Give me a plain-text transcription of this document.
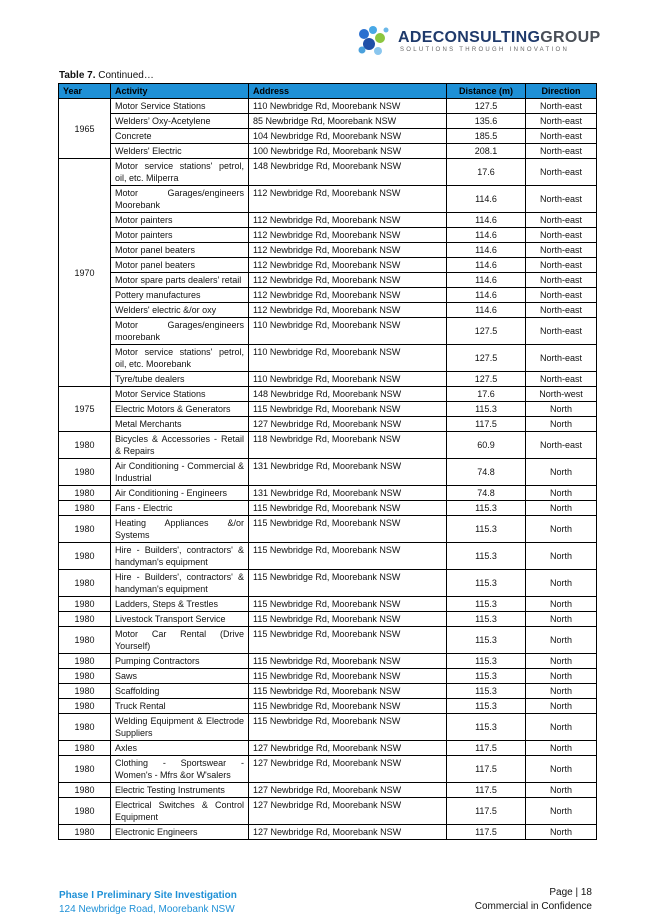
ADECONSULTINGGROUP
SOLUTIONS THROUGH INNOVATION
Table 7. Continued…
Year	Activity	Address	Distance (m)	Direction
1965	Motor Service Stations	110 Newbridge Rd, Moorebank NSW	127.5	North-east
	Welders’ Oxy-Acetylene	85 Newbridge Rd, Moorebank NSW	135.6	North-east
	Concrete	104 Newbridge Rd, Moorebank NSW	185.5	North-east
	Welders' Electric	100 Newbridge Rd, Moorebank NSW	208.1	North-east
1970	Motor service stations' petrol, oil, etc. Milperra	148 Newbridge Rd, Moorebank NSW	17.6	North-east
	Motor Garages/engineers Moorebank	112 Newbridge Rd, Moorebank NSW	114.6	North-east
	Motor painters	112 Newbridge Rd, Moorebank NSW	114.6	North-east
	Motor painters	112 Newbridge Rd, Moorebank NSW	114.6	North-east
	Motor panel beaters	112 Newbridge Rd, Moorebank NSW	114.6	North-east
	Motor panel beaters	112 Newbridge Rd, Moorebank NSW	114.6	North-east
	Motor spare parts dealers’ retail	112 Newbridge Rd, Moorebank NSW	114.6	North-east
	Pottery manufactures	112 Newbridge Rd, Moorebank NSW	114.6	North-east
	Welders' electric &/or oxy	112 Newbridge Rd, Moorebank NSW	114.6	North-east
	Motor Garages/engineers moorebank	110 Newbridge Rd, Moorebank NSW	127.5	North-east
	Motor service stations' petrol, oil, etc. Moorebank	110 Newbridge Rd, Moorebank NSW	127.5	North-east
	Tyre/tube dealers	110 Newbridge Rd, Moorebank NSW	127.5	North-east
1975	Motor Service Stations	148 Newbridge Rd, Moorebank NSW	17.6	North-west
	Electric Motors & Generators	115 Newbridge Rd, Moorebank NSW	115.3	North
	Metal Merchants	127 Newbridge Rd, Moorebank NSW	117.5	North
1980	Bicycles & Accessories - Retail & Repairs	118 Newbridge Rd, Moorebank NSW	60.9	North-east
1980	Air Conditioning - Commercial & Industrial	131 Newbridge Rd, Moorebank NSW	74.8	North
1980	Air Conditioning - Engineers	131 Newbridge Rd, Moorebank NSW	74.8	North
1980	Fans - Electric	115 Newbridge Rd, Moorebank NSW	115.3	North
1980	Heating Appliances &/or Systems	115 Newbridge Rd, Moorebank NSW	115.3	North
1980	Hire - Builders', contractors' & handyman's equipment	115 Newbridge Rd, Moorebank NSW	115.3	North
1980	Hire - Builders', contractors' & handyman's equipment	115 Newbridge Rd, Moorebank NSW	115.3	North
1980	Ladders, Steps & Trestles	115 Newbridge Rd, Moorebank NSW	115.3	North
1980	Livestock Transport Service	115 Newbridge Rd, Moorebank NSW	115.3	North
1980	Motor Car Rental (Drive Yourself)	115 Newbridge Rd, Moorebank NSW	115.3	North
1980	Pumping Contractors	115 Newbridge Rd, Moorebank NSW	115.3	North
1980	Saws	115 Newbridge Rd, Moorebank NSW	115.3	North
1980	Scaffolding	115 Newbridge Rd, Moorebank NSW	115.3	North
1980	Truck Rental	115 Newbridge Rd, Moorebank NSW	115.3	North
1980	Welding Equipment & Electrode Suppliers	115 Newbridge Rd, Moorebank NSW	115.3	North
1980	Axles	127 Newbridge Rd, Moorebank NSW	117.5	North
1980	Clothing - Sportswear - Women's - Mfrs &or W'salers	127 Newbridge Rd, Moorebank NSW	117.5	North
1980	Electric Testing Instruments	127 Newbridge Rd, Moorebank NSW	117.5	North
1980	Electrical Switches & Control Equipment	127 Newbridge Rd, Moorebank NSW	117.5	North
1980	Electronic Engineers	127 Newbridge Rd, Moorebank NSW	117.5	North
Phase I Preliminary Site Investigation
124 Newbridge Road, Moorebank NSW
Page | 18
Commercial in Confidence
